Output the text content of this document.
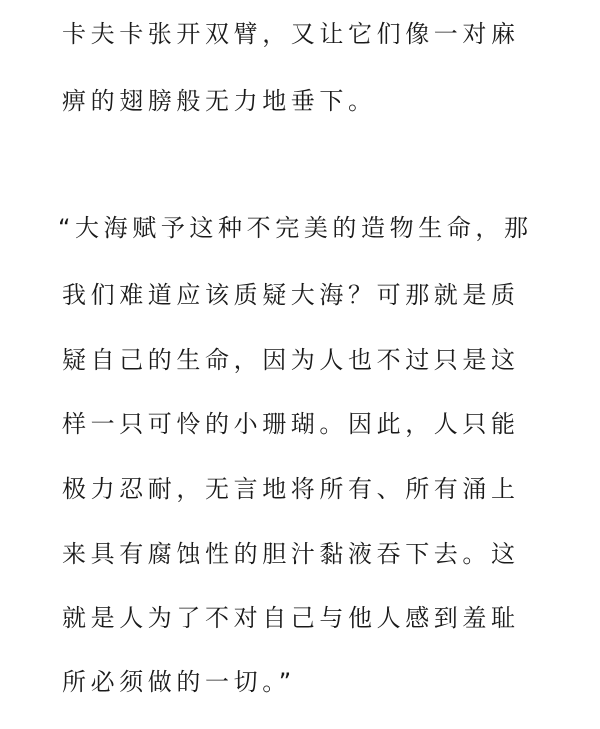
卡夫卡张开双臂，又让它们像一对麻
痹的翅膀般无力地垂下。
“大海赋予这种不完美的造物生命，那
我们难道应该质疑大海？可那就是质
疑自己的生命，因为人也不过只是这
样一只可怜的小珊瑚。因此，人只能
极力忍耐，无言地将所有、所有涌上
来具有腐蚀性的胆汁黏液吞下去。这
就是人为了不对自己与他人感到羞耻
所必须做的一切。”
